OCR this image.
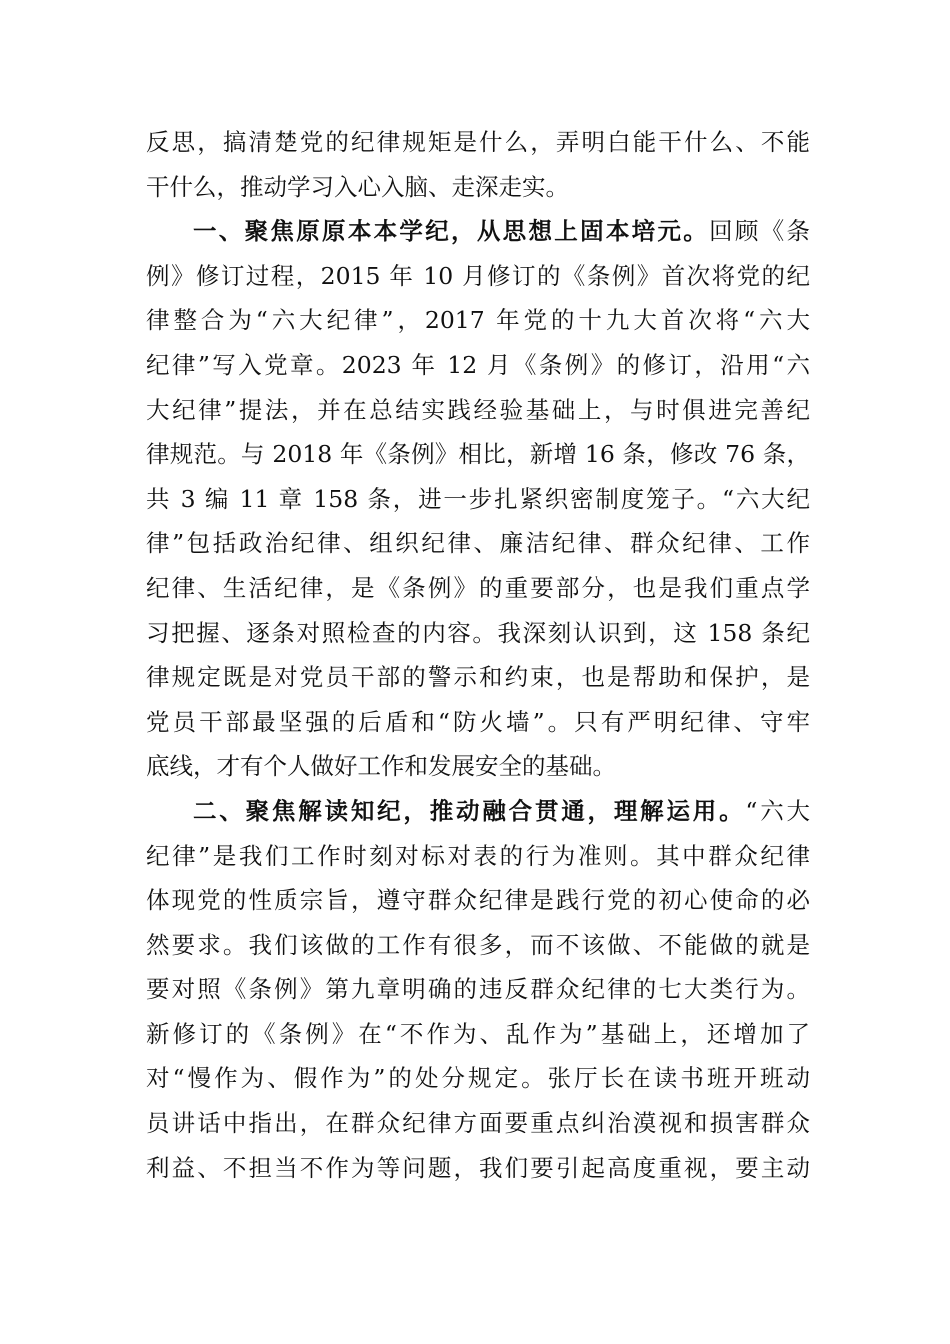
反思，搞清楚党的纪律规矩是什么，弄明白能干什么、不能
干什么，推动学习入心入脑、走深走实。
一、聚焦原原本本学纪，从思想上固本培元。回顾《条
例》修订过程，2015 年 10 月修订的《条例》首次将党的纪
律整合为“六大纪律”，2017 年党的十九大首次将“六大
纪律”写入党章。2023 年 12 月《条例》的修订，沿用“六
大纪律”提法，并在总结实践经验基础上，与时俱进完善纪
律规范。与 2018 年《条例》相比，新增 16 条，修改 76 条，
共 3 编 11 章 158 条，进一步扎紧织密制度笼子。“六大纪
律”包括政治纪律、组织纪律、廉洁纪律、群众纪律、工作
纪律、生活纪律，是《条例》的重要部分，也是我们重点学
习把握、逐条对照检查的内容。我深刻认识到，这 158 条纪
律规定既是对党员干部的警示和约束，也是帮助和保护，是
党员干部最坚强的后盾和“防火墙”。只有严明纪律、守牢
底线，才有个人做好工作和发展安全的基础。
二、聚焦解读知纪，推动融合贯通，理解运用。“六大
纪律”是我们工作时刻对标对表的行为准则。其中群众纪律
体现党的性质宗旨，遵守群众纪律是践行党的初心使命的必
然要求。我们该做的工作有很多，而不该做、不能做的就是
要对照《条例》第九章明确的违反群众纪律的七大类行为。
新修订的《条例》在“不作为、乱作为”基础上，还增加了
对“慢作为、假作为”的处分规定。张厅长在读书班开班动
员讲话中指出，在群众纪律方面要重点纠治漠视和损害群众
利益、不担当不作为等问题，我们要引起高度重视，要主动
